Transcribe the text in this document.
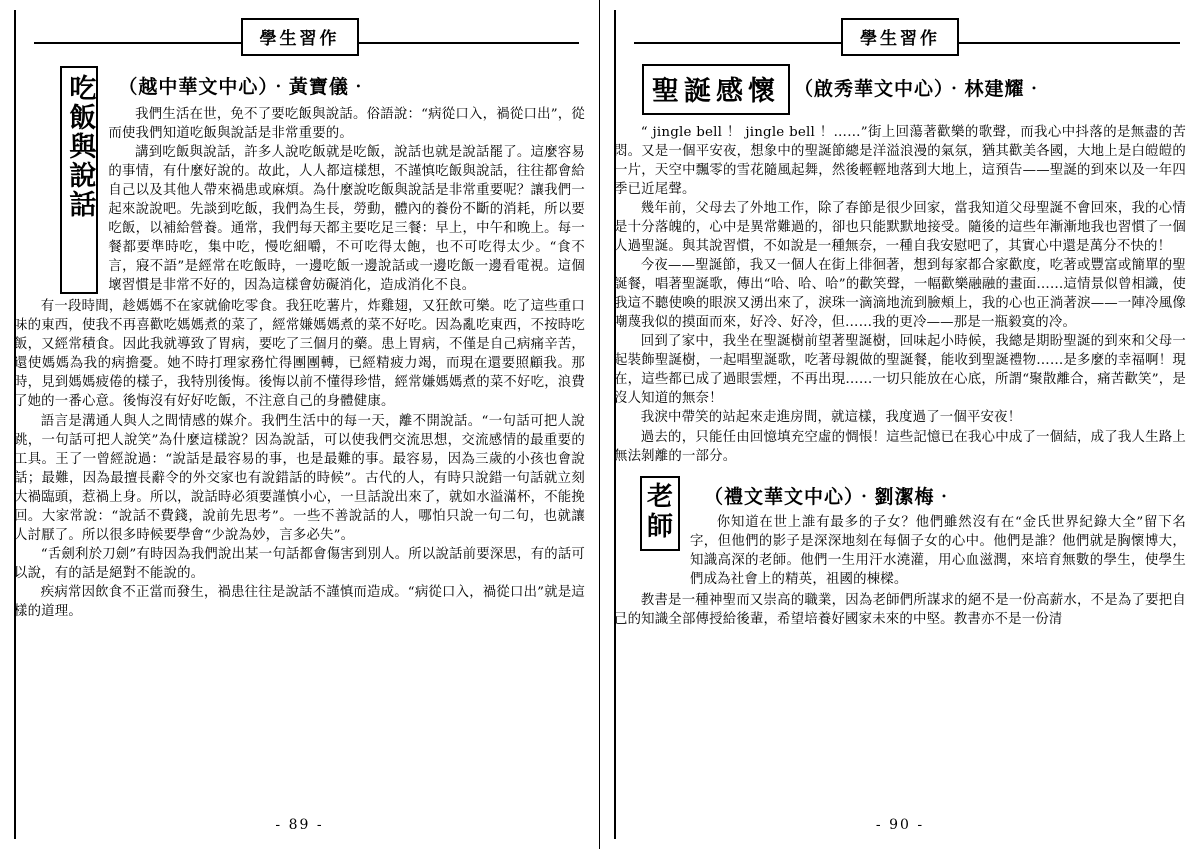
學生習作
吃飯與說話 （越中華文中心）‧黃寶儀‧

我們生活在世，免不了要吃飯與說話。俗語說：“病從口入，禍從口出”，從而使我們知道吃飯與說話是非常重要的。

講到吃飯與說話，許多人說吃飯就是吃飯，說話也就是說話罷了。這麼容易的事情，有什麼好說的。故此，人人都這樣想，不謹慎吃飯與說話，往往都會給自己以及其他人帶來禍患或麻煩。為什麼說吃飯與說話是非常重要呢？讓我們一起來說說吧。先談到吃飯，我們為生長，勞動，體內的養份不斷的消耗，所以要吃飯，以補給營養。通常，我們每天都主要吃足三餐：早上，中午和晚上。每一餐都要準時吃，集中吃，慢吃細嚼，不可吃得太飽，也不可吃得太少。“食不言，寢不語”是經常在吃飯時，一邊吃飯一邊說話或一邊吃飯一邊看電視。這個壞習慣是非常不好的，因為這樣會妨礙消化，造成消化不良。

有一段時間，趁媽媽不在家就偷吃零食。我狂吃薯片，炸雞翅，又狂飲可樂。吃了這些重口味的東西，使我不再喜歡吃媽媽煮的菜了，經常嫌媽媽煮的菜不好吃。因為亂吃東西，不按時吃飯，又經常積食。因此我就導致了胃病，要吃了三個月的藥。患上胃病，不僅是自己病痛辛苦，還使媽媽為我的病擔憂。她不時打理家務忙得團團轉，已經精疲力竭，而現在還要照顧我。那時，見到媽媽疲倦的樣子，我特別後悔。後悔以前不懂得珍惜，經常嫌媽媽煮的菜不好吃，浪費了她的一番心意。後悔沒有好好吃飯，不注意自己的身體健康。

語言是溝通人與人之間情感的媒介。我們生活中的每一天，離不開說話。“一句話可把人說跳，一句話可把人說笑”為什麼這樣說？因為說話，可以使我們交流思想，交流感情的最重要的工具。王了一曾經說過：“說話是最容易的事，也是最難的事。最容易，因為三歲的小孩也會說話；最難，因為最擅長辭令的外交家也有說錯話的時候”。古代的人，有時只說錯一句話就立刻大禍臨頭，惹禍上身。所以，說話時必須要謹慎小心，一旦話說出來了，就如水溢滿杯，不能挽回。大家常說：“說話不費錢，說前先思考”。一些不善說話的人，哪怕只說一句二句，也就讓人討厭了。所以很多時候要學會“少說為妙，言多必失”。

“舌劍利於刀劍”有時因為我們說出某一句話都會傷害到別人。所以說話前要深思，有的話可以說，有的話是絕對不能說的。

疾病常因飲食不正當而發生，禍患往往是說話不謹慎而造成。“病從口入，禍從口出”就是這樣的道理。

- 89 -
學生習作
聖誕感懷 （啟秀華文中心）‧林建耀‧

“ jingle bell ！ jingle bell ！……”街上回蕩著歡樂的歌聲，而我心中抖落的是無盡的苦悶。又是一個平安夜，想象中的聖誕節總是洋溢浪漫的氣氛，猶其歡美各國，大地上是白皚皚的一片，天空中飄零的雪花隨風起舞，然後輕輕地落到大地上，這預告——聖誕的到來以及一年四季已近尾聲。

幾年前，父母去了外地工作，除了春節是很少回家，當我知道父母聖誕不會回來，我的心情是十分落魄的，心中是異常難過的，卻也只能默默地接受。隨後的這些年漸漸地我也習慣了一個人過聖誕。與其說習慣，不如說是一種無奈，一種自我安慰吧了，其實心中還是萬分不快的！

今夜——聖誕節，我又一個人在街上徘徊著，想到每家都合家歡度，吃著或豐富或簡單的聖誕餐，唱著聖誕歌，傳出“哈、哈、哈”的歡笑聲，一幅歡樂融融的畫面……這情景似曾相識，使我這不聽使喚的眼淚又湧出來了，淚珠一滴滴地流到臉頰上，我的心也正淌著淚——一陣冷風像嘲蔑我似的摸面而來，好冷、好冷，但……我的更冷——那是一瓶毅寞的冷。

回到了家中，我坐在聖誕樹前望著聖誕樹，回味起小時候，我總是期盼聖誕的到來和父母一起裝飾聖誕樹，一起唱聖誕歌，吃著母親做的聖誕餐，能收到聖誕禮物……是多麼的幸福啊！現在，這些都已成了過眼雲煙，不再出現……一切只能放在心底，所謂“聚散離合，痛苦歡笑”，是沒人知道的無奈！

我淚中帶笑的站起來走進房間，就這樣，我度過了一個平安夜！

過去的，只能任由回憶填充空虛的惆悵！這些記憶已在我心中成了一個結，成了我人生路上無法剝離的一部分。

老師
（禮文華文中心）‧劉潔梅‧

你知道在世上誰有最多的子女？他們雖然沒有在“金氏世界紀錄大全”留下名字，但他們的影子是深深地刻在每個子女的心中。他們是誰？他們就是胸懷博大，知識高深的老師。他們一生用汗水澆灌，用心血滋潤，來培育無數的學生，使學生們成為社會上的精英，祖國的棟樑。

教書是一種神聖而又崇高的職業，因為老師們所謀求的絕不是一份高薪水，不是為了要把自己的知識全部傳授給後輩，希望培養好國家未來的中堅。教書亦不是一份清

- 90 -
